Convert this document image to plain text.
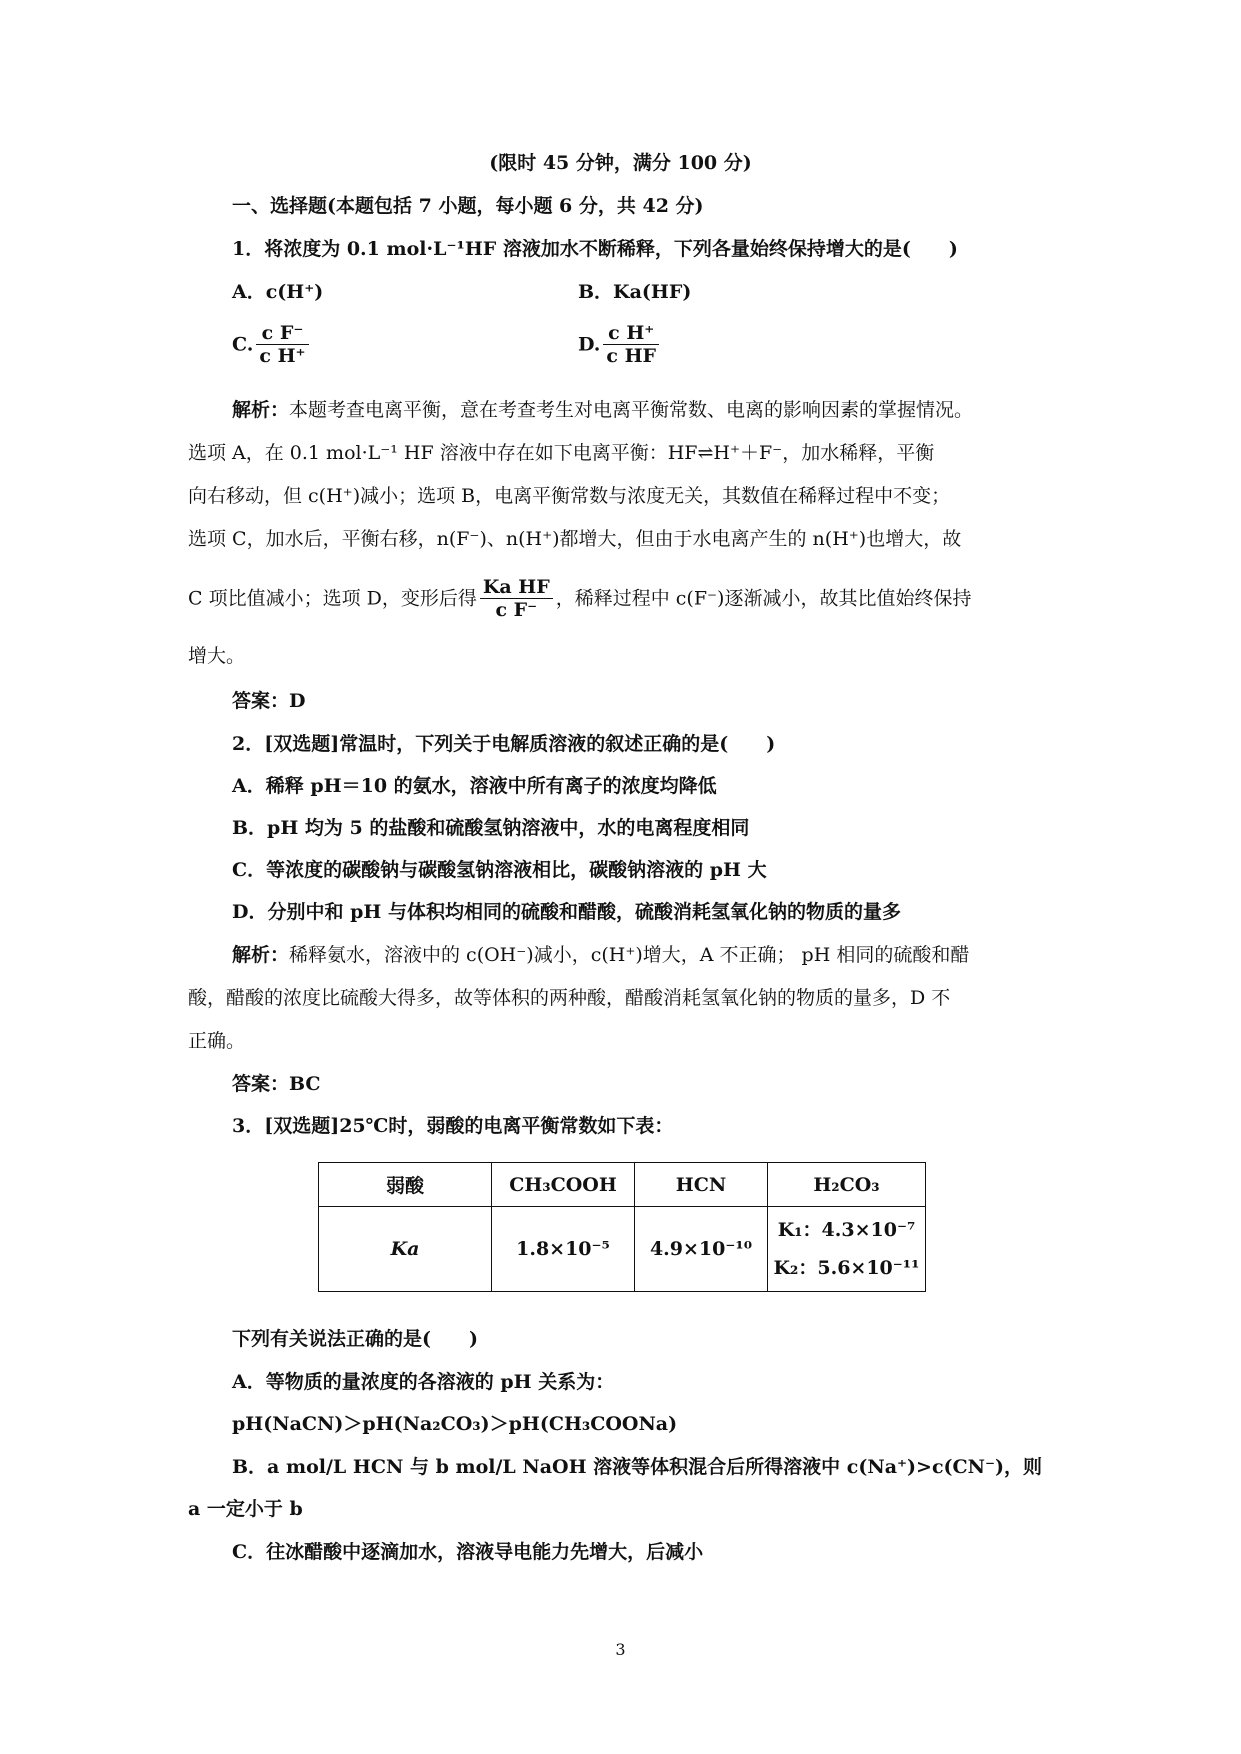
(限时 45 分钟，满分 100 分)
一、选择题(本题包括 7 小题，每小题 6 分，共 42 分)
1．将浓度为 0.1 mol·L⁻¹HF 溶液加水不断稀释，下列各量始终保持增大的是(　　)
A．c(H⁺)	B．Ka(HF)
C. $\frac{\text{c F⁻}}{\text{c H⁺}}$	D. $\frac{\text{c H⁺}}{\text{c HF}}$
解析：本题考查电离平衡，意在考查考生对电离平衡常数、电离的影响因素的掌握情况。
选项 A，在 0.1 mol·L⁻¹ HF 溶液中存在如下电离平衡：HF⇌H⁺＋F⁻，加水稀释，平衡
向右移动，但 c(H⁺)减小；选项 B，电离平衡常数与浓度无关，其数值在稀释过程中不变；
选项 C，加水后，平衡右移，n(F⁻)、n(H⁺)都增大，但由于水电离产生的 n(H⁺)也增大，故
C 项比值减小；选项 D，变形后得 $\frac{\text{Ka HF}}{\text{c F⁻}}$ ，稀释过程中 c(F⁻)逐渐减小，故其比值始终保持
增大。
答案：D
2．[双选题]常温时，下列关于电解质溶液的叙述正确的是(　　)
A．稀释 pH＝10 的氨水，溶液中所有离子的浓度均降低
B．pH 均为 5 的盐酸和硫酸氢钠溶液中，水的电离程度相同
C．等浓度的碳酸钠与碳酸氢钠溶液相比，碳酸钠溶液的 pH 大
D．分别中和 pH 与体积均相同的硫酸和醋酸，硫酸消耗氢氧化钠的物质的量多
解析：稀释氨水，溶液中的 c(OH⁻)减小，c(H⁺)增大，A 不正确； pH 相同的硫酸和醋
酸，醋酸的浓度比硫酸大得多，故等体积的两种酸，醋酸消耗氢氧化钠的物质的量多，D 不
正确。
答案：BC
3．[双选题]25℃时，弱酸的电离平衡常数如下表：
弱酸	CH₃COOH	HCN	H₂CO₃
Ka	1.8×10⁻⁵	4.9×10⁻¹⁰	K₁：4.3×10⁻⁷
K₂：5.6×10⁻¹¹
下列有关说法正确的是(　　)
A．等物质的量浓度的各溶液的 pH 关系为：
pH(NaCN)＞pH(Na₂CO₃)＞pH(CH₃COONa)
B．a mol/L HCN 与 b mol/L NaOH 溶液等体积混合后所得溶液中 c(Na⁺)>c(CN⁻)，则
a 一定小于 b
C．往冰醋酸中逐滴加水，溶液导电能力先增大，后减小
3
